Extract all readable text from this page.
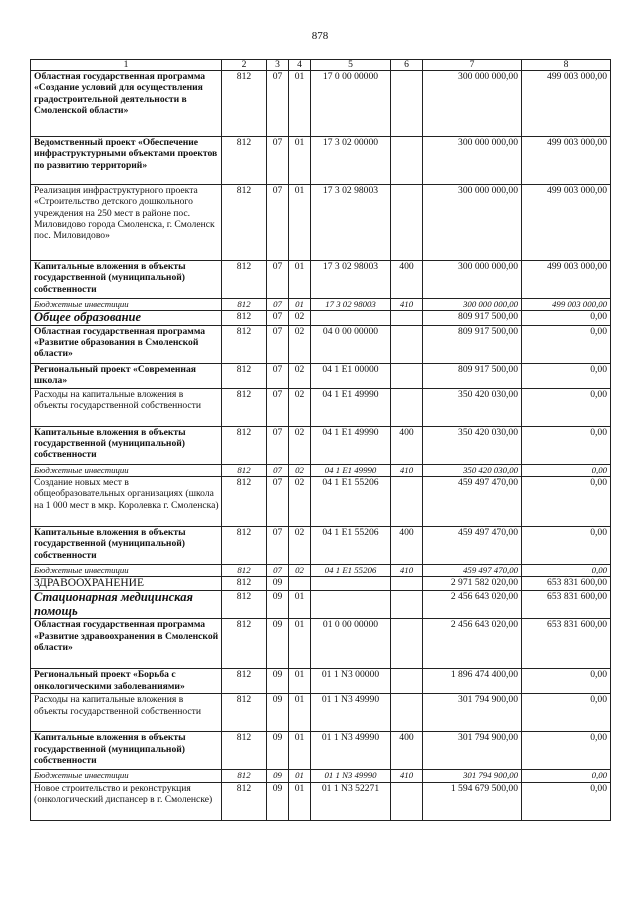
878
1	2	3	4	5	6	7	8
Областная государственная программа «Создание условий для осуществления градостроительной деятельности в Смоленской области»	812	07	01	17 0 00 00000		300 000 000,00	499 003 000,00
Ведомственный проект «Обеспечение инфраструктурными объектами проектов по развитию территорий»	812	07	01	17 3 02 00000		300 000 000,00	499 003 000,00
Реализация инфраструктурного проекта «Строительство детского дошкольного учреждения на 250 мест в районе пос. Миловидово города Смоленска, г. Смоленск пос. Миловидово»	812	07	01	17 3 02 98003		300 000 000,00	499 003 000,00
Капитальные вложения в объекты государственной (муниципальной) собственности	812	07	01	17 3 02 98003	400	300 000 000,00	499 003 000,00
Бюджетные инвестиции	812	07	01	17 3 02 98003	410	300 000 000,00	499 003 000,00
Общее образование	812	07	02			809 917 500,00	0,00
Областная государственная программа «Развитие образования в Смоленской области»	812	07	02	04 0 00 00000		809 917 500,00	0,00
Региональный проект «Современная школа»	812	07	02	04 1 E1 00000		809 917 500,00	0,00
Расходы на капитальные вложения в объекты государственной собственности	812	07	02	04 1 E1 49990		350 420 030,00	0,00
Капитальные вложения в объекты государственной (муниципальной) собственности	812	07	02	04 1 E1 49990	400	350 420 030,00	0,00
Бюджетные инвестиции	812	07	02	04 1 E1 49990	410	350 420 030,00	0,00
Создание новых мест в общеобразовательных организациях (школа на 1 000 мест в мкр. Королевка г. Смоленска)	812	07	02	04 1 E1 55206		459 497 470,00	0,00
Капитальные вложения в объекты государственной (муниципальной) собственности	812	07	02	04 1 E1 55206	400	459 497 470,00	0,00
Бюджетные инвестиции	812	07	02	04 1 E1 55206	410	459 497 470,00	0,00
ЗДРАВООХРАНЕНИЕ	812	09				2 971 582 020,00	653 831 600,00
Стационарная медицинская помощь	812	09	01			2 456 643 020,00	653 831 600,00
Областная государственная программа «Развитие здравоохранения в Смоленской области»	812	09	01	01 0 00 00000		2 456 643 020,00	653 831 600,00
Региональный проект «Борьба с онкологическими заболеваниями»	812	09	01	01 1 N3 00000		1 896 474 400,00	0,00
Расходы на капитальные вложения в объекты государственной собственности	812	09	01	01 1 N3 49990		301 794 900,00	0,00
Капитальные вложения в объекты государственной (муниципальной) собственности	812	09	01	01 1 N3 49990	400	301 794 900,00	0,00
Бюджетные инвестиции	812	09	01	01 1 N3 49990	410	301 794 900,00	0,00
Новое строительство и реконструкция (онкологический диспансер в г. Смоленске)	812	09	01	01 1 N3 52271		1 594 679 500,00	0,00
